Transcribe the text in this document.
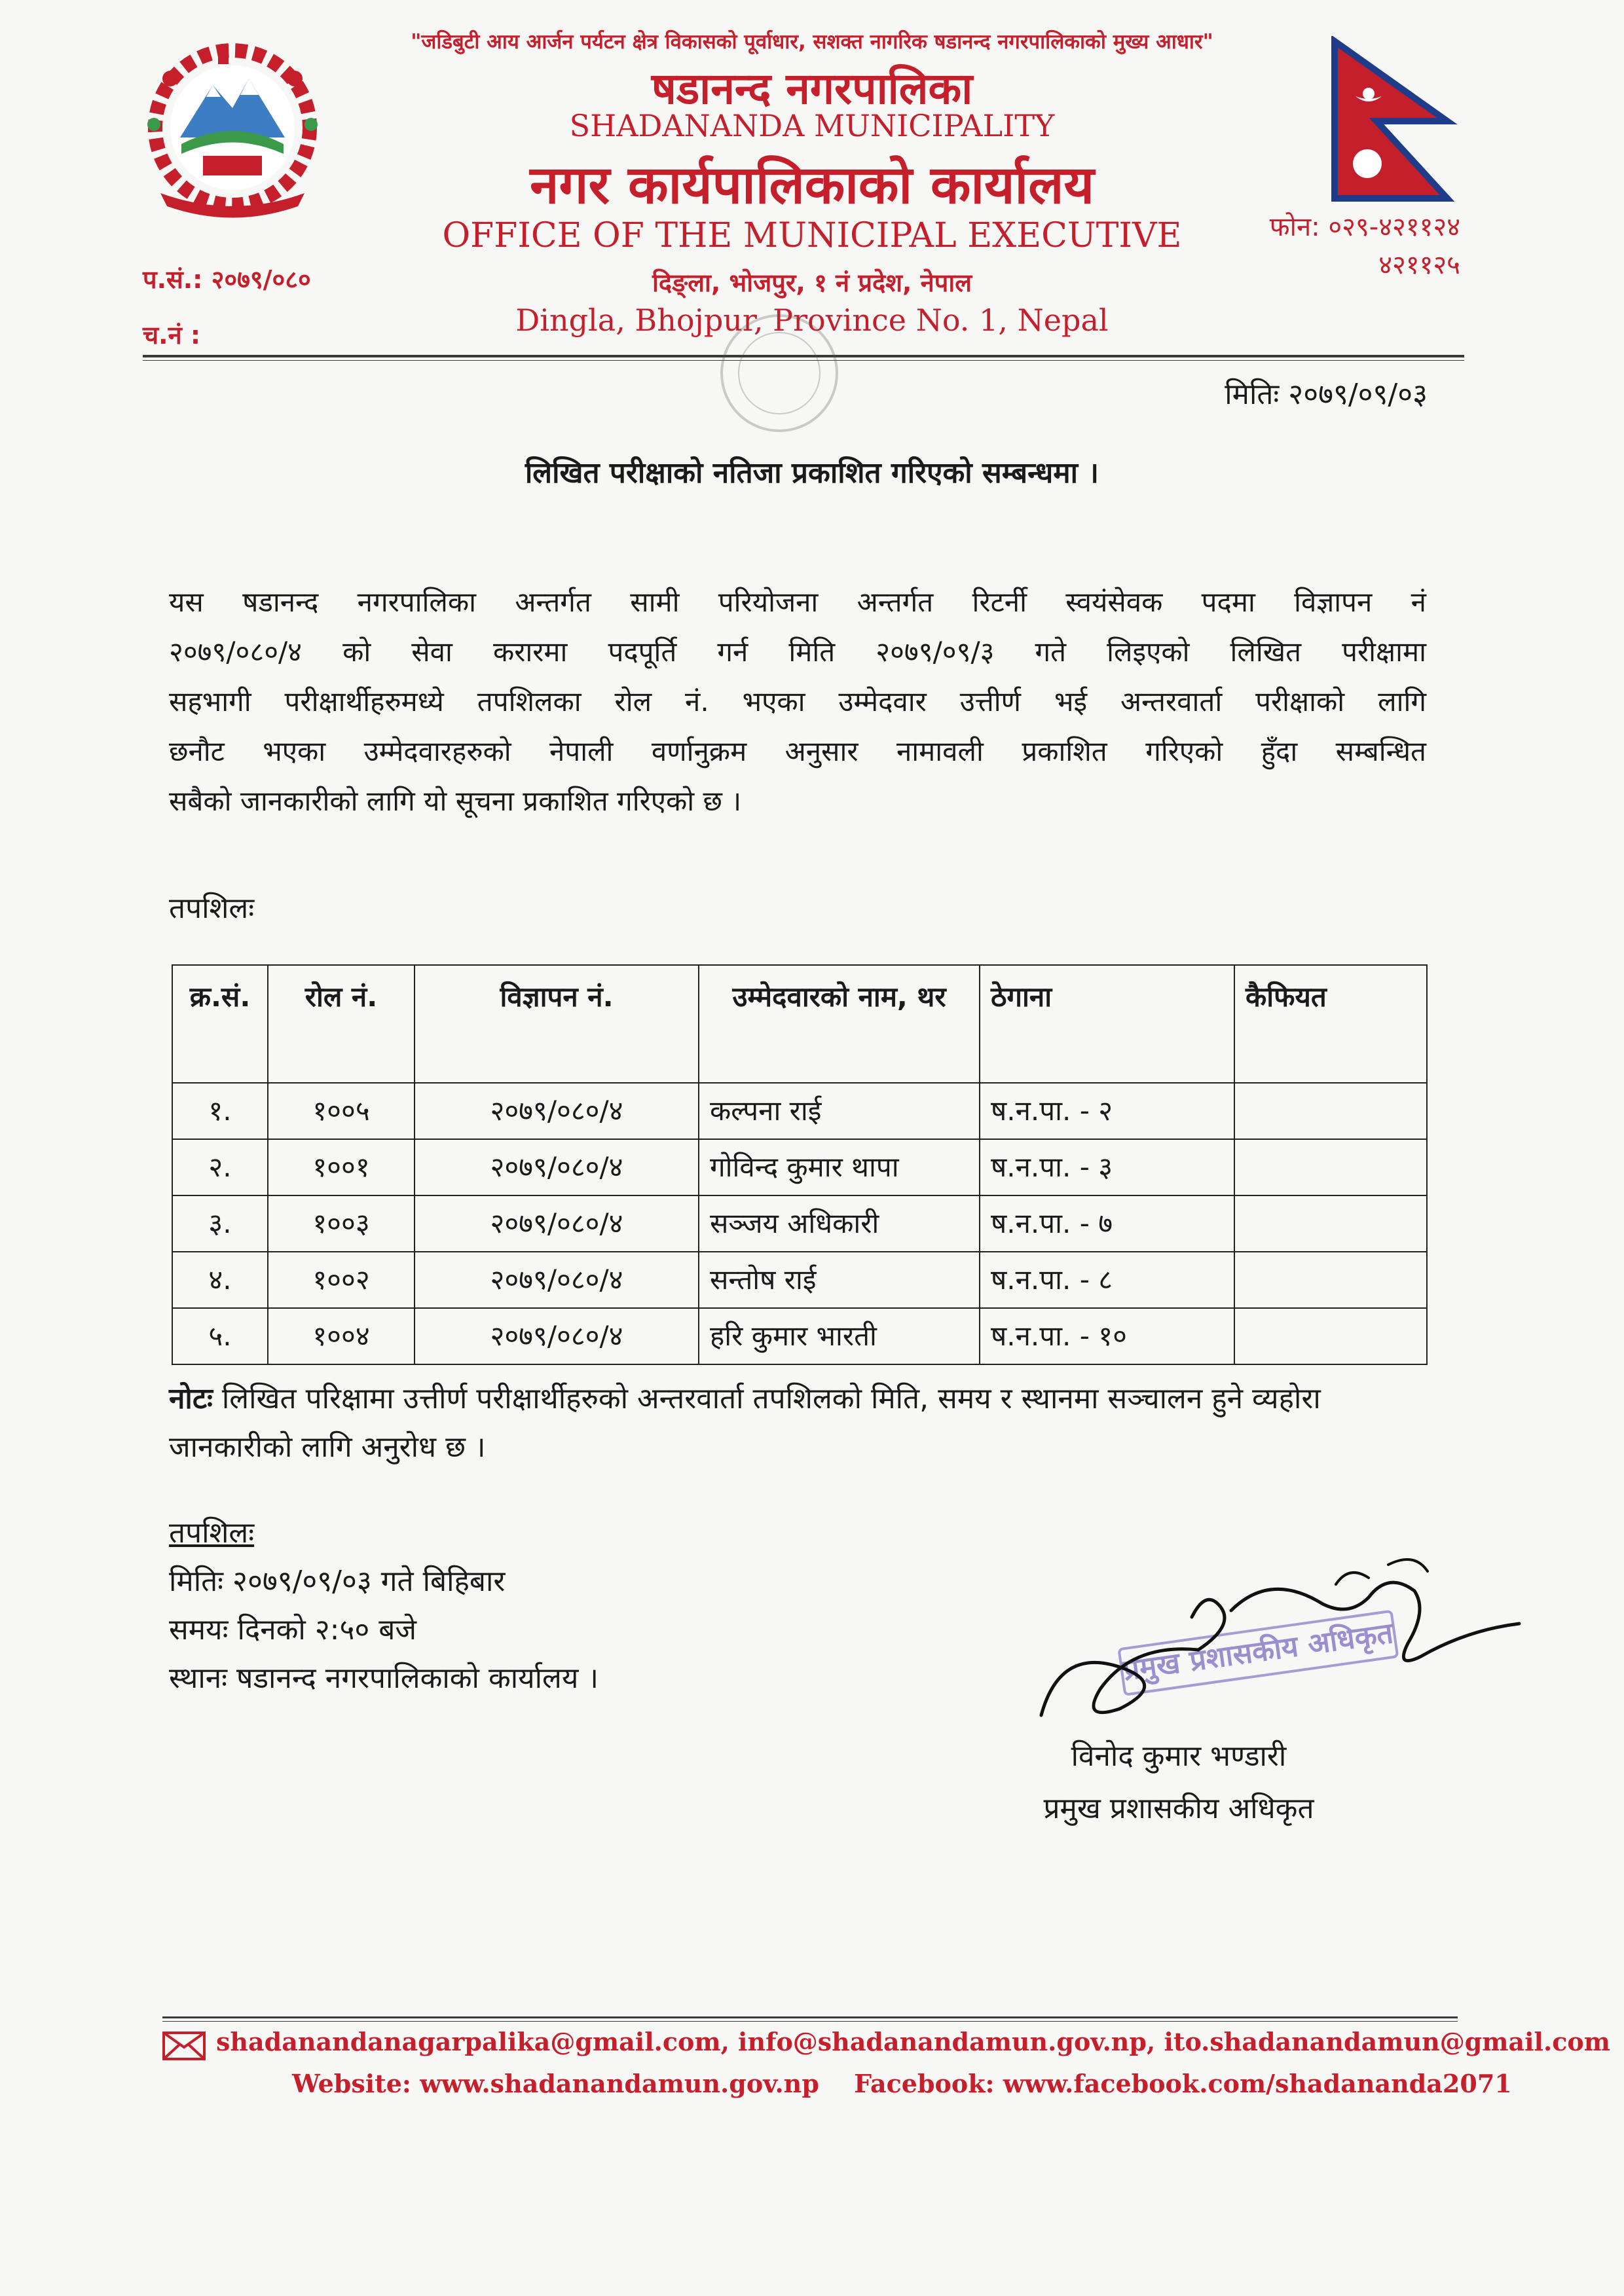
"जडिबुटी आय आर्जन पर्यटन क्षेत्र विकासको पूर्वाधार, सशक्त नागरिक षडानन्द नगरपालिकाको मुख्य आधार"
षडानन्द नगरपालिका
SHADANANDA MUNICIPALITY
नगर कार्यपालिकाको कार्यालय
OFFICE OF THE MUNICIPAL EXECUTIVE
दिङ्ला, भोजपुर, १ नं प्रदेश, नेपाल
Dingla, Bhojpur, Province No. 1, Nepal
प.सं.: २०७९/०८०
च.नं :
फोन: ०२९-४२११२४
४२११२५
मितिः २०७९/०९/०३
लिखित परीक्षाको नतिजा प्रकाशित गरिएको सम्बन्धमा ।
यस षडानन्द नगरपालिका अन्तर्गत सामी परियोजना अन्तर्गत रिटर्नी स्वयंसेवक पदमा विज्ञापन नं
२०७९/०८०/४ को सेवा करारमा पदपूर्ति गर्न मिति २०७९/०९/३ गते लिइएको लिखित परीक्षामा
सहभागी परीक्षार्थीहरुमध्ये तपशिलका रोल नं. भएका उम्मेदवार उत्तीर्ण भई अन्तरवार्ता परीक्षाको लागि
छनौट भएका उम्मेदवारहरुको नेपाली वर्णानुक्रम अनुसार नामावली प्रकाशित गरिएको हुँदा सम्बन्धित
सबैको जानकारीको लागि यो सूचना प्रकाशित गरिएको छ ।
तपशिलः
क्र.सं.	रोल नं.	विज्ञापन नं.	उम्मेदवारको नाम, थर	ठेगाना	कैफियत
१.	१००५	२०७९/०८०/४	कल्पना राई	ष.न.पा. - २	
२.	१००१	२०७९/०८०/४	गोविन्द कुमार थापा	ष.न.पा. - ३	
३.	१००३	२०७९/०८०/४	सञ्जय अधिकारी	ष.न.पा. - ७	
४.	१००२	२०७९/०८०/४	सन्तोष राई	ष.न.पा. - ८	
५.	१००४	२०७९/०८०/४	हरि कुमार भारती	ष.न.पा. - १०	
नोटः लिखित परिक्षामा उत्तीर्ण परीक्षार्थीहरुको अन्तरवार्ता तपशिलको मिति, समय र स्थानमा सञ्चालन हुने व्यहोरा जानकारीको लागि अनुरोध छ ।
तपशिलः
मितिः २०७९/०९/०३ गते बिहिबार
समयः दिनको २:५० बजे
स्थानः षडानन्द नगरपालिकाको कार्यालय ।	प्रमुख प्रशासकीय अधिकृत
विनोद कुमार भण्डारी
प्रमुख प्रशासकीय अधिकृत
shadanandanagarpalika@gmail.com, info@shadanandamun.gov.np, ito.shadanandamun@gmail.com
Website: www.shadanandamun.gov.np Facebook: www.facebook.com/shadananda2071
